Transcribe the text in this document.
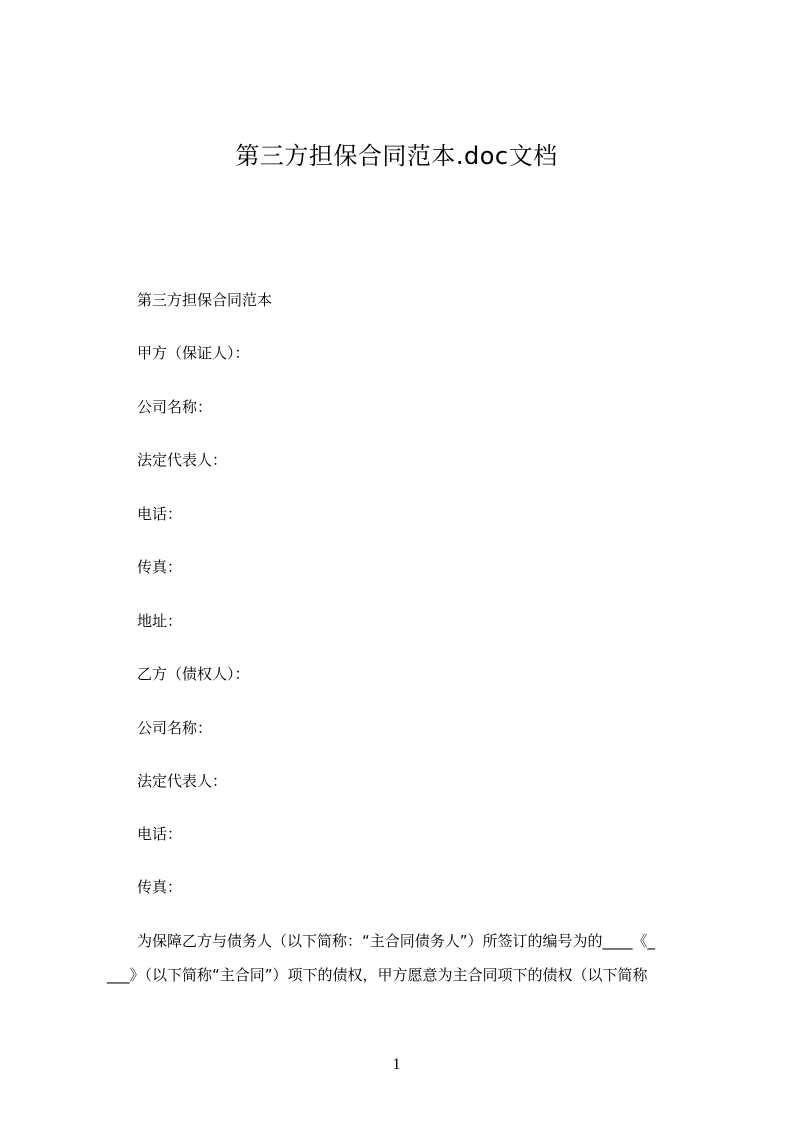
第三方担保合同范本.doc文档
第三方担保合同范本
甲方（保证人）：
公司名称：
法定代表人：
电话：
传真：
地址：
乙方（债权人）：
公司名称：
法定代表人：
电话：
传真：
为保障乙方与债务人（以下简称：“主合同债务人”）所签订的编号为的____《_
___》（以下简称“主合同”）项下的债权，甲方愿意为主合同项下的债权（以下简称
1
